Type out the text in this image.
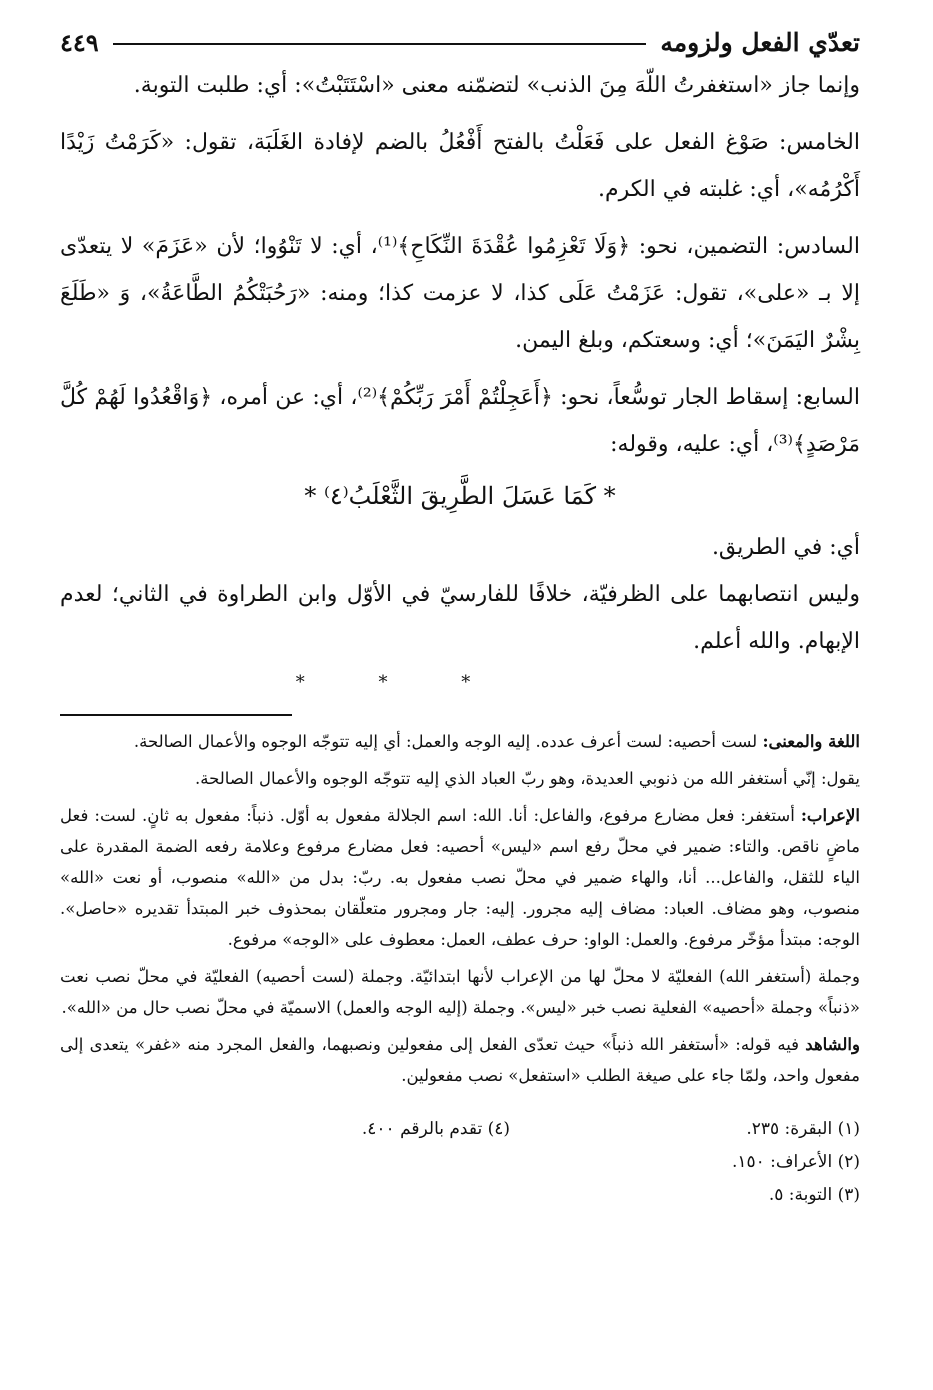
تعدّي الفعل ولزومه
٤٤٩

وإنما جاز «استغفرتُ اللّهَ مِنَ الذنب» لتضمّنه معنى «اسْتَتَبْتُ»: أي: طلبت التوبة.

الخامس: صَوْغ الفعل على فَعَلْتُ بالفتح أَفْعُلُ بالضم لإفادة الغَلَبَة، تقول: «كَرَمْتُ زَيْدًا أَكْرُمُه»، أي: غلبته في الكرم.

السادس: التضمين، نحو: ﴿وَلَا تَعْزِمُوا عُقْدَةَ النِّكَاحِ﴾⁽¹⁾، أي: لا تَنْوُوا؛ لأن «عَزَمَ» لا يتعدّى إلا بـ «على»، تقول: عَزَمْتُ عَلَى كذا، لا عزمت كذا؛ ومنه: «رَحُبَتْكُمُ الطَّاعَةُ»، وَ «طَلَعَ بِشْرٌ اليَمَنَ»؛ أي: وسعتكم، وبلغ اليمن.

السابع: إسقاط الجار توسُّعاً، نحو: ﴿أَعَجِلْتُمْ أَمْرَ رَبِّكُمْ﴾⁽²⁾، أي: عن أمره، ﴿وَاقْعُدُوا لَهُمْ كُلَّ مَرْصَدٍ﴾⁽³⁾، أي: عليه، وقوله:

* كَمَا عَسَلَ الطَّرِيقَ الثَّعْلَبُ⁽٤⁾ *

أي: في الطريق.

وليس انتصابهما على الظرفيّة، خلافًا للفارسيّ في الأوّل وابن الطراوة في الثاني؛ لعدم الإبهام. والله أعلم.

* * *

اللغة والمعنى: لست أحصيه: لست أعرف عدده. إليه الوجه والعمل: أي إليه تتوجّه الوجوه والأعمال الصالحة.

يقول: إنّي أستغفر الله من ذنوبي العديدة، وهو ربّ العباد الذي إليه تتوجّه الوجوه والأعمال الصالحة.

الإعراب: أستغفر: فعل مضارع مرفوع، والفاعل: أنا. الله: اسم الجلالة مفعول به أوّل. ذنباً: مفعول به ثانٍ. لست: فعل ماضٍ ناقص. والتاء: ضمير في محلّ رفع اسم «ليس» أحصيه: فعل مضارع مرفوع وعلامة رفعه الضمة المقدرة على الياء للثقل، والفاعل... أنا، والهاء ضمير في محلّ نصب مفعول به. ربّ: بدل من «الله» منصوب، أو نعت «الله» منصوب، وهو مضاف. العباد: مضاف إليه مجرور. إليه: جار ومجرور متعلّقان بمحذوف خبر المبتدأ تقديره «حاصل». الوجه: مبتدأ مؤخّر مرفوع. والعمل: الواو: حرف عطف، العمل: معطوف على «الوجه» مرفوع.

وجملة (أستغفر الله) الفعليّة لا محلّ لها من الإعراب لأنها ابتدائيّة. وجملة (لست أحصيه) الفعليّة في محلّ نصب نعت «ذنباً» وجملة «أحصيه» الفعلية نصب خبر «ليس». وجملة (إليه الوجه والعمل) الاسميّة في محلّ نصب حال من «الله».

والشاهد فيه قوله: «أستغفر الله ذنباً» حيث تعدّى الفعل إلى مفعولين ونصبهما، والفعل المجرد منه «غفر» يتعدى إلى مفعول واحد، ولمّا جاء على صيغة الطلب «استفعل» نصب مفعولين.

(١) البقرة: ٢٣٥.
(٢) الأعراف: ١٥٠.
(٣) التوبة: ٥.
(٤) تقدم بالرقم ٤٠٠.
